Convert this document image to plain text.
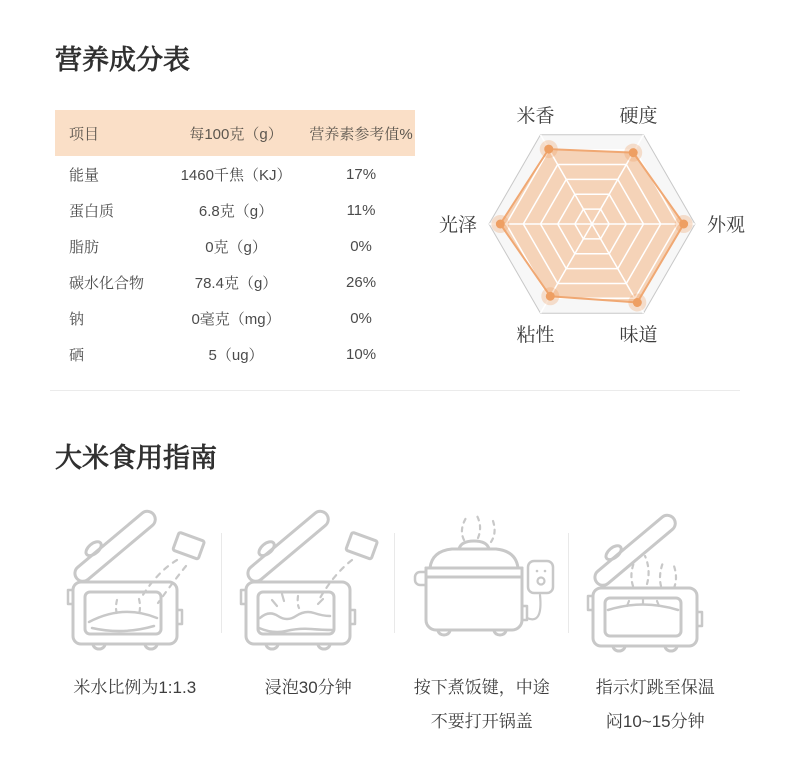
营养成分表
项目	每100克（g）	营养素参考值%
能量	1460千焦（KJ）	17%
蛋白质	6.8克（g）	11%
脂肪	0克（g）	0%
碳水化合物	78.4克（g）	26%
钠	0毫克（mg）	0%
硒	5（ug）	10%
米香	硬度
外观
味道
粘性
光泽
大米食用指南
米水比例为1:1.3	浸泡30分钟	按下煮饭键，中途
不要打开锅盖
指示灯跳至保温
闷10~15分钟
